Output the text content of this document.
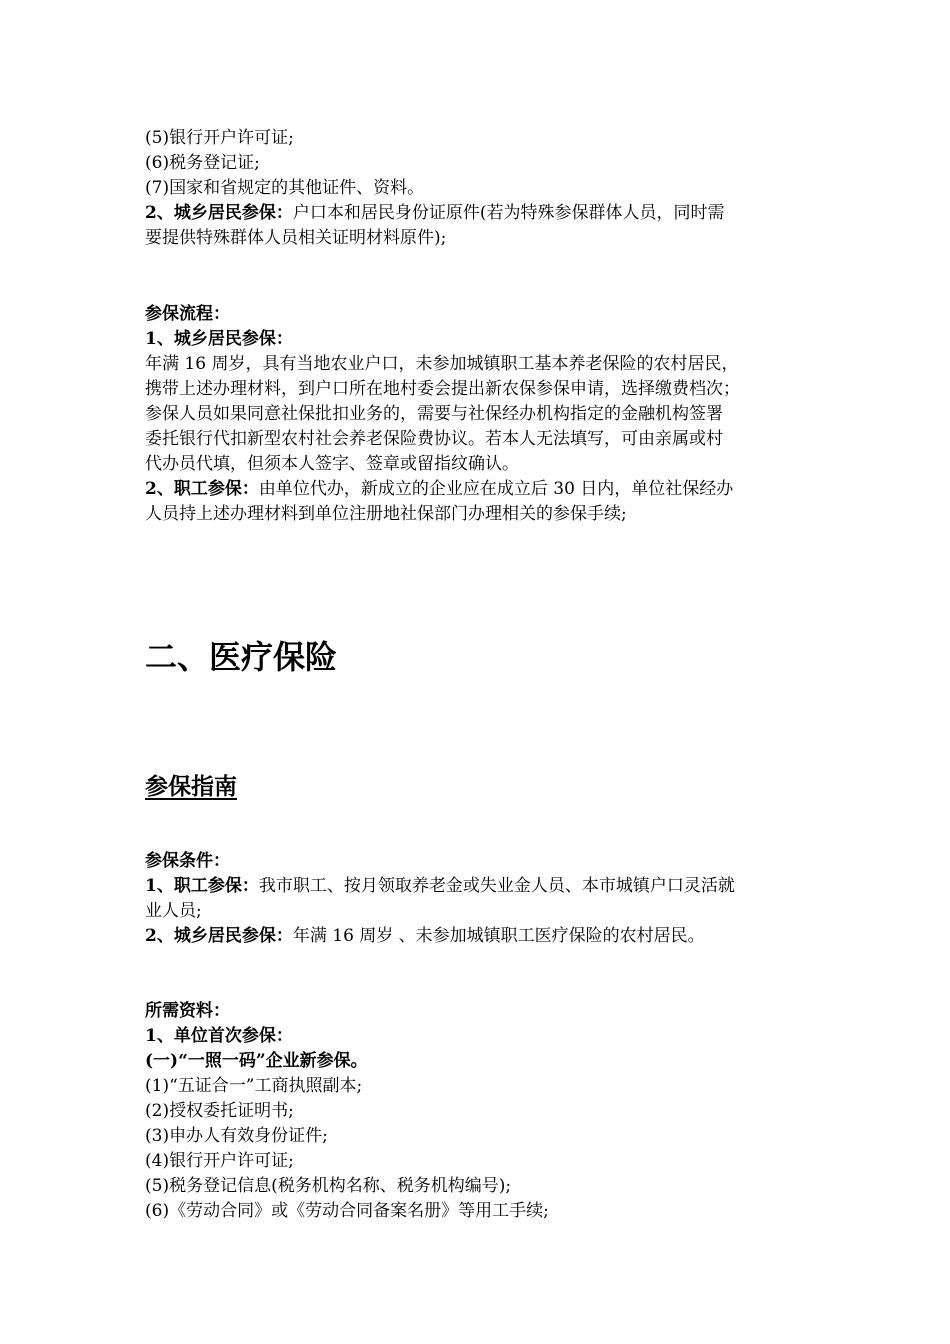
(5)银行开户许可证;
(6)税务登记证;
(7)国家和省规定的其他证件、资料。
2、城乡居民参保：户口本和居民身份证原件(若为特殊参保群体人员，同时需
要提供特殊群体人员相关证明材料原件);
参保流程：
1、城乡居民参保：
年满 16 周岁，具有当地农业户口，未参加城镇职工基本养老保险的农村居民，
携带上述办理材料，到户口所在地村委会提出新农保参保申请，选择缴费档次；
参保人员如果同意社保批扣业务的，需要与社保经办机构指定的金融机构签署
委托银行代扣新型农村社会养老保险费协议。若本人无法填写，可由亲属或村
代办员代填，但须本人签字、签章或留指纹确认。
2、职工参保：由单位代办，新成立的企业应在成立后 30 日内，单位社保经办
人员持上述办理材料到单位注册地社保部门办理相关的参保手续;
二、医疗保险
参保指南
参保条件：
1、职工参保：我市职工、按月领取养老金或失业金人员、本市城镇户口灵活就
业人员;
2、城乡居民参保：年满 16 周岁 、未参加城镇职工医疗保险的农村居民。
所需资料：
1、单位首次参保：
(一)“一照一码”企业新参保。
(1)“五证合一”工商执照副本;
(2)授权委托证明书;
(3)申办人有效身份证件;
(4)银行开户许可证;
(5)税务登记信息(税务机构名称、税务机构编号);
(6)《劳动合同》或《劳动合同备案名册》等用工手续;
